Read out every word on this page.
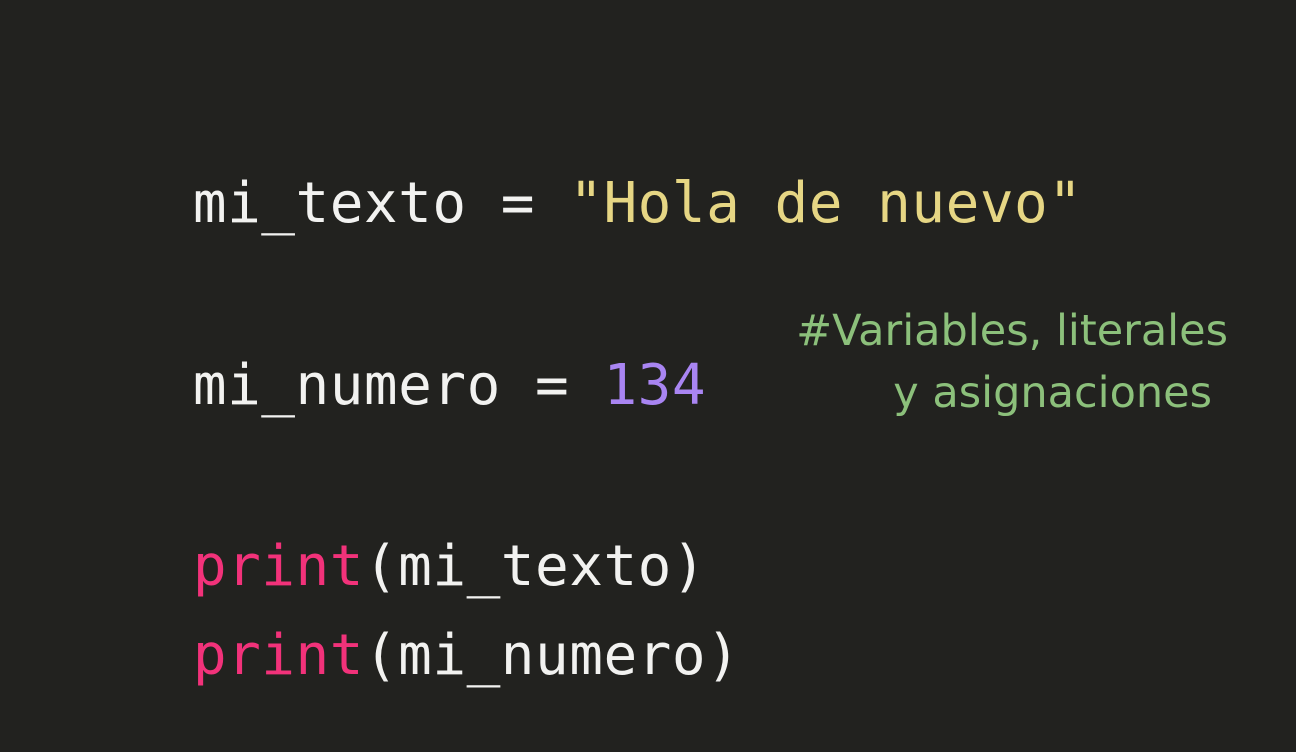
mi_texto = "Hola de nuevo"

mi_numero = 134

#Variables, literales
y asignaciones

print(mi_texto)

print(mi_numero)
